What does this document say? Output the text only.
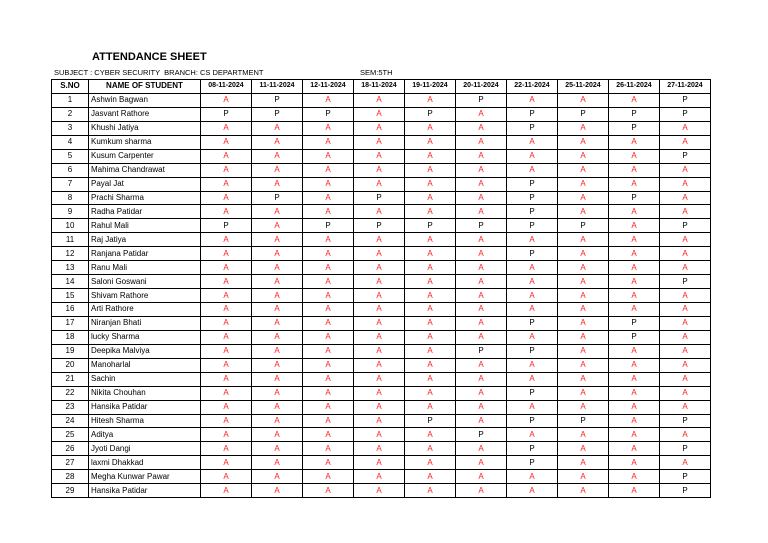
ATTENDANCE SHEET
SUBJECT : CYBER SECURITY  BRANCH: CS DEPARTMENT	SEM:5TH
S.NO	NAME OF STUDENT	08-11-2024	11-11-2024	12-11-2024	18-11-2024	19-11-2024	20-11-2024	22-11-2024	25-11-2024	26-11-2024	27-11-2024
1	Ashwin Bagwan	A	P	A	A	A	P	A	A	A	P
2	Jasvant Rathore	P	P	P	A	P	A	P	P	P	P
3	Khushi Jatiya	A	A	A	A	A	A	P	A	P	A
4	Kumkum sharma	A	A	A	A	A	A	A	A	A	A
5	Kusum Carpenter	A	A	A	A	A	A	A	A	A	P
6	Mahima Chandrawat	A	A	A	A	A	A	A	A	A	A
7	Payal Jat	A	A	A	A	A	A	P	A	A	A
8	Prachi Sharma	A	P	A	P	A	A	P	A	P	A
9	Radha Patidar	A	A	A	A	A	A	P	A	A	A
10	Rahul Mali	P	A	P	P	P	P	P	P	A	P
11	Raj Jatiya	A	A	A	A	A	A	A	A	A	A
12	Ranjana Patidar	A	A	A	A	A	A	P	A	A	A
13	Ranu Mali	A	A	A	A	A	A	A	A	A	A
14	Saloni Goswani	A	A	A	A	A	A	A	A	A	P
15	Shivam Rathore	A	A	A	A	A	A	A	A	A	A
16	Arti Rathore	A	A	A	A	A	A	A	A	A	A
17	Niranjan Bhati	A	A	A	A	A	A	P	A	P	A
18	lucky Sharma	A	A	A	A	A	A	A	A	P	A
19	Deepika Malviya	A	A	A	A	A	P	P	A	A	A
20	Manoharlal	A	A	A	A	A	A	A	A	A	A
21	Sachin	A	A	A	A	A	A	A	A	A	A
22	Nikita Chouhan	A	A	A	A	A	A	P	A	A	A
23	Hansika Patidar	A	A	A	A	A	A	A	A	A	A
24	Hitesh Sharma	A	A	A	A	P	A	P	P	A	P
25	Aditya	A	A	A	A	A	P	A	A	A	A
26	Jyoti Dangi	A	A	A	A	A	A	P	A	A	P
27	laxmi Dhakkad	A	A	A	A	A	A	P	A	A	A
28	Megha Kunwar Pawar	A	A	A	A	A	A	A	A	A	P
29	Hansika Patidar	A	A	A	A	A	A	A	A	A	P
